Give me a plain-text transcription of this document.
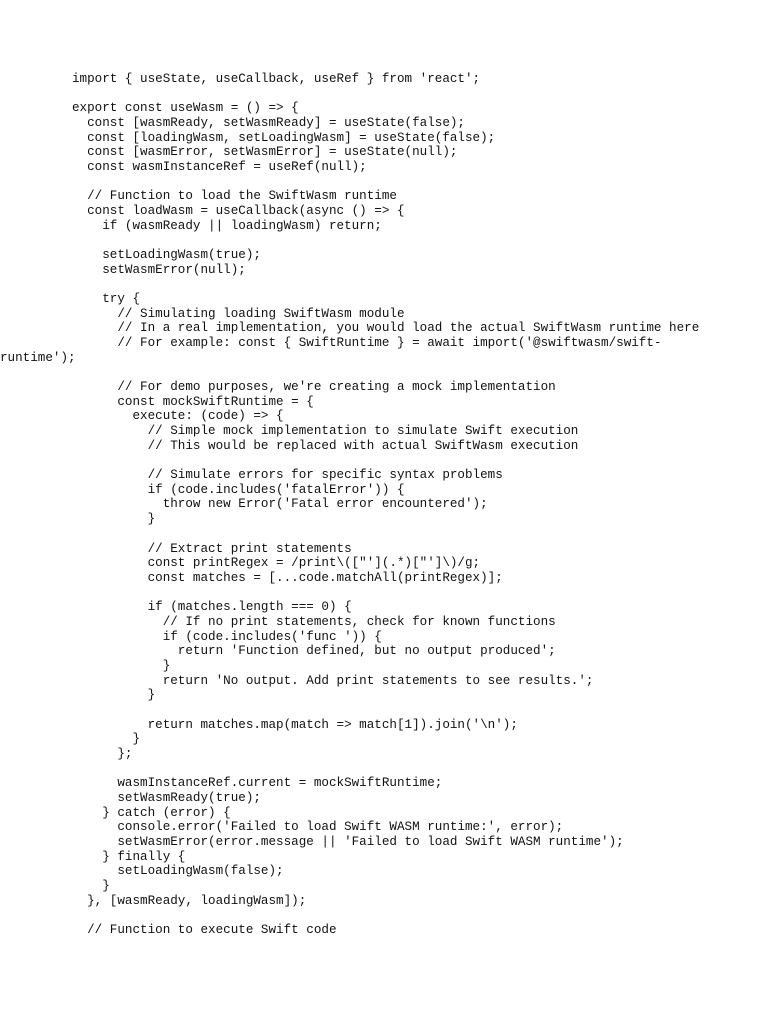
import { useState, useCallback, useRef } from 'react';
export const useWasm = () => {
const [wasmReady, setWasmReady] = useState(false);
const [loadingWasm, setLoadingWasm] = useState(false);
const [wasmError, setWasmError] = useState(null);
const wasmInstanceRef = useRef(null);
// Function to load the SwiftWasm runtime
const loadWasm = useCallback(async () => {
if (wasmReady || loadingWasm) return;
setLoadingWasm(true);
setWasmError(null);
try {
// Simulating loading SwiftWasm module
// In a real implementation, you would load the actual SwiftWasm runtime here
// For example: const { SwiftRuntime } = await import('@swiftwasm/swift-
runtime');
// For demo purposes, we're creating a mock implementation
const mockSwiftRuntime = {
execute: (code) => {
// Simple mock implementation to simulate Swift execution
// This would be replaced with actual SwiftWasm execution
// Simulate errors for specific syntax problems
if (code.includes('fatalError')) {
throw new Error('Fatal error encountered');
}
// Extract print statements
const printRegex = /print\(["'](.*)["']\)/g;
const matches = [...code.matchAll(printRegex)];
if (matches.length === 0) {
// If no print statements, check for known functions
if (code.includes('func ')) {
return 'Function defined, but no output produced';
}
return 'No output. Add print statements to see results.';
}
return matches.map(match => match[1]).join('\n');
}
};
wasmInstanceRef.current = mockSwiftRuntime;
setWasmReady(true);
} catch (error) {
console.error('Failed to load Swift WASM runtime:', error);
setWasmError(error.message || 'Failed to load Swift WASM runtime');
} finally {
setLoadingWasm(false);
}
}, [wasmReady, loadingWasm]);
// Function to execute Swift code
